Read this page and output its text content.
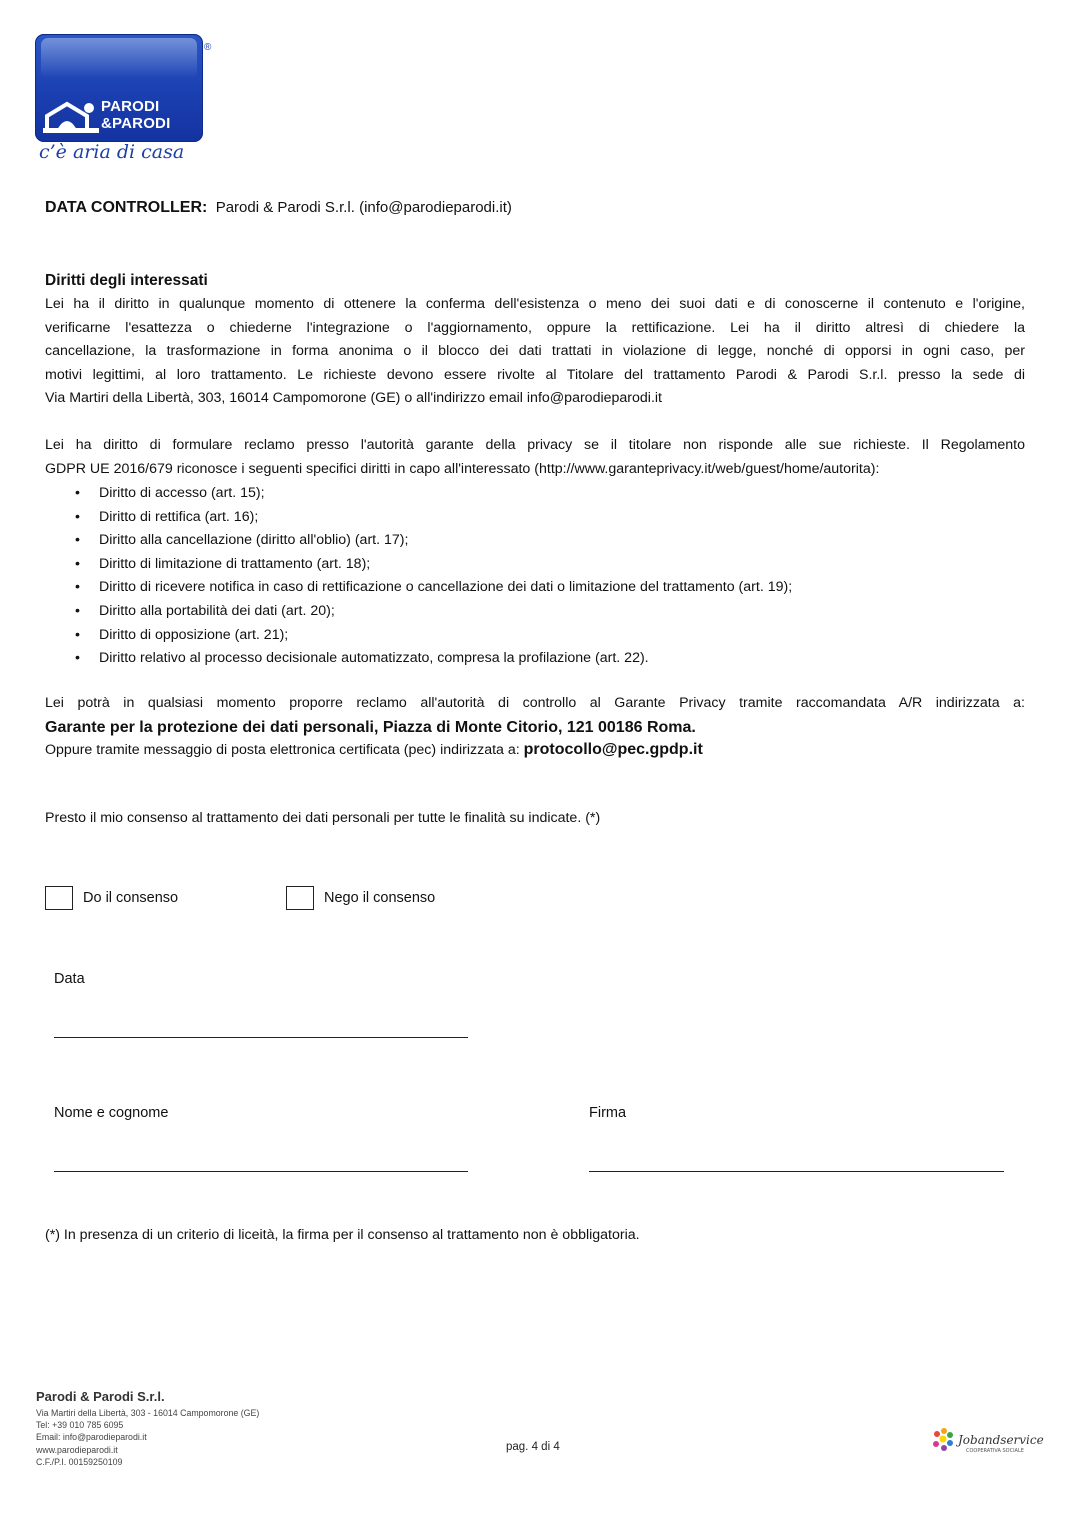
PARODI
&PARODI
®
c’è aria di casa
DATA CONTROLLER: Parodi & Parodi S.r.l. (info@parodieparodi.it)
Diritti degli interessati
Lei ha il diritto in qualunque momento di ottenere la conferma dell'esistenza o meno dei suoi dati e di conoscerne il contenuto e l'origine,
verificarne l'esattezza o chiederne l'integrazione o l'aggiornamento, oppure la rettificazione. Lei ha il diritto altresì di chiedere la
cancellazione, la trasformazione in forma anonima o il blocco dei dati trattati in violazione di legge, nonché di opporsi in ogni caso, per
motivi legittimi, al loro trattamento. Le richieste devono essere rivolte al Titolare del trattamento Parodi & Parodi S.r.l. presso la sede di
Via Martiri della Libertà, 303, 16014 Campomorone (GE) o all'indirizzo email info@parodieparodi.it
Lei ha diritto di formulare reclamo presso l'autorità garante della privacy se il titolare non risponde alle sue richieste. Il Regolamento
GDPR UE 2016/679 riconosce i seguenti specifici diritti in capo all'interessato (http://www.garanteprivacy.it/web/guest/home/autorita):
• Diritto di accesso (art. 15);
• Diritto di rettifica (art. 16);
• Diritto alla cancellazione (diritto all'oblio) (art. 17);
• Diritto di limitazione di trattamento (art. 18);
• Diritto di ricevere notifica in caso di rettificazione o cancellazione dei dati o limitazione del trattamento (art. 19);
• Diritto alla portabilità dei dati (art. 20);
• Diritto di opposizione (art. 21);
• Diritto relativo al processo decisionale automatizzato, compresa la profilazione (art. 22).
Lei potrà in qualsiasi momento proporre reclamo all'autorità di controllo al Garante Privacy tramite raccomandata A/R indirizzata a:
Garante per la protezione dei dati personali, Piazza di Monte Citorio, 121 00186 Roma.
Oppure tramite messaggio di posta elettronica certificata (pec) indirizzata a: protocollo@pec.gpdp.it
Presto il mio consenso al trattamento dei dati personali per tutte le finalità su indicate. (*)
Do il consenso	Nego il consenso
Data
Nome e cognome	Firma
(*) In presenza di un criterio di liceità, la firma per il consenso al trattamento non è obbligatoria.
Parodi & Parodi S.r.l.
Via Martiri della Libertà, 303 - 16014 Campomorone (GE)
Tel: +39 010 785 6095
Email: info@parodieparodi.it
www.parodieparodi.it
C.F./P.I. 00159250109
pag. 4 di 4	Jobandservice
COOPERATIVA SOCIALE
